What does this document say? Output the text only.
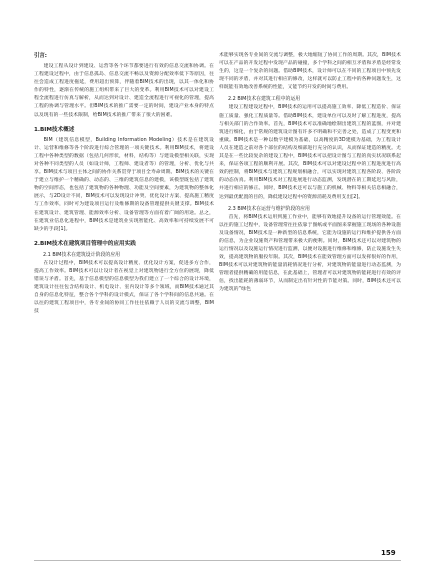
引言:

建设工程从设计到建设、运营等各个环节都要进行有效的信息交流和协调。在工程建设过程中，由于信息孤岛、信息交流不畅以及资源分配效率低下等原因，往往会造成工程进度拖延，费用超出预算，伴随着BIM技术的出现，以其一体化和协作的特性，逐渐在传统的施工组织带来了巨大的变革。利用BIM技术可以对建设工程全流程进行仿真与解析，从而达到对设计、建造全流程进行可视化的管理，提高工程的协调与管理水平。但BIM技术的推广需要一定的时间，建设产业本身的特点以及现有的一些技术限制，给BIM技术的推广带来了很大的困难。

1.BIM技术概述

BIM（建筑信息模型，Building Information Modeling）技术是在建筑设计、运营和维修等各个阶段进行综合管理的一项关键技术。利用BIM技术，将建设工程中各种类型的数据（包括几何形状，材料，结构等）与建设模型相关联，实现对各种不同类型的人员（如设计师，工程师、建设者等）的管理，分析、优化与共享。BIM技术与项目主体之间的协作关系贯穿于项目全寿命周期。BIM技术的关键在于建立与维护一个精确的、动态的、三维的建筑信息的建模，该模型既包括了建筑物的空间形态，也包括了建筑物的各种物理、功能及空间要素，为建筑物的整体化展示，与2D设计不同，BIM技术可以发现设计冲突、优化设计方案、提高施工精度与工作效率，同时可为建设项目运行及维修期的设备管理提供关键支撑。BIM技术在建筑设计、建筑管理、能源效率分析、设备管理等方面有着广阔的用途。总之，在建筑业信息化进程中，BIM技术是建筑业实现智能化、高效率和可持续发展不可缺少的手段[1]。

2.BIM技术在建筑项目管理中的应用实践
2.1 BIM技术在建筑设计阶段的应用

在设计过程中，BIM技术可以提高设计精度、优化设计方案，促进多方合作，提高工作效率。BIM技术可以让设计者在视觉上对建筑物进行全方位的展现，降低错误与矛盾。首先，基于信息模型的信息模型为我们建立了一个综合的设计环境，建筑设计往往包含结构设计、机电设计、室内设计等多个领域，而BIM技术通过其自身的信息化特征，整合各个学科的设计模式，保证了各个学科间的信息共通。在以往的建筑工程项目中，各专业间的协同工作往往依赖于人员的交流与调整，BIM技

术能够实现各专业间的交流与调整，极大地缩短了协同工作的周期。其次，BIM技术可以在产品的开发过程中发现产品的碰撞，多个学科之间的相互矛盾和矛盾是经常发生的，这是一个复杂的问题。借助BIM技术，设计师可以在不同的工程项目中预先发现不同的矛盾，并对其进行相应的修改，这样就可以防止工程中的各种问题发生，这样既能有效地改善系统的性能，又能节约开发的时间与费用。

2.2 BIM技术在建筑工程中的运用

建设工程建设过程中，BIM技术的运用可以提高施工效率、降低工程造价、保证施工质量、强化工程质量等。借助BIM技术，建设单位可以及时了解工程进度，提高与相关部门的合作效率。首先，BIM技术可以准确地绘制出建筑工程的蓝图，并对建筑进行细化，由于常规的建筑设计图有许多不明确和不完善之处，造成了工程变更和重做。BIM技术是一种以数字建模为基础，以高精度的3D建模为基础，为工程设计人员在建造之前对各个部位的结构及细部进行充分的认识，从而保证建造的精度。尤其是在一些比较复杂的建设工程中，BIM技术可以把设计图与工程的真实状况联系起来，保证各项工程的顺利开展。其次，BIM技术可以对建设过程中的工程进度进行高效的控制，将BIM技术与建筑工程规划相融合，可以实现对建筑工程各阶段、各阶段的动态仿真。利用BIM技术对工程进展进行动态监测，发现潜在的工期延迟与风险，并进行相应的修正。同时，BIM技术还可以与施工的机械、物料等相关信息相融合，达到最优配置的目的，降低建设过程中的资源消耗及费用支出[2]。

2.3 BIM技术在运营与维护阶段的应用

首先，将BIM技术运用到施工作业中，能够有效地提升设备的运行管理效能。在以往的施工过程中，设备管理常往往依靠于图纸或平面图来掌握施工现场的各种设施及设备情况，BIM技术是一种新型的信息系统，它能为设施的运行和维护提供各方面的信息，为企业设施资产和管理带来极大的便利。同时，BIM技术还可以对建筑物的运行情况以及设施运行情况进行监测，以便对设施进行维修和维修，防止设施发生失效，提高建筑物的服役年限。其次，BIM技术在能效管理方面可以发挥很好的作用，BIM技术可以对建筑物的能量消耗情况进行分析，对建筑物的能量进行动态监测，为管理者提供精确的用能信息，在此基础上，管理者可以对建筑物的能耗进行有效的评估，找出能耗的薄弱环节，从而制定出有针对性的节能对策。同时，BIM技术还可以为建筑的“绿色

159
